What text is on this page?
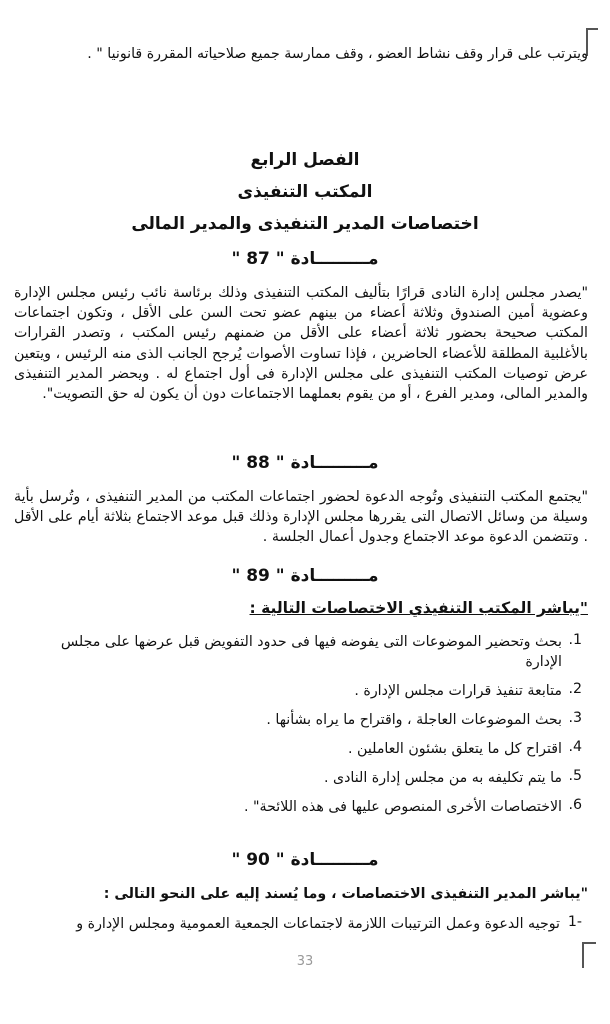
ويترتب على قرار وقف نشاط العضو ، وقف ممارسة جميع صلاحياته المقررة قانونيا " .

الفصل الرابع
المكتب التنفيذى
اختصاصات المدير التنفيذى والمدير المالى
مـــــــــادة " 87 "

"يصدر مجلس إدارة النادى قرارًا بتأليف المكتب التنفيذى وذلك برئاسة نائب رئيس مجلس الإدارة وعضوية أمين الصندوق وثلاثة أعضاء من بينهم عضو تحت السن على الأقل ، وتكون اجتماعات المكتب صحيحة بحضور ثلاثة أعضاء على الأقل من ضمنهم رئيس المكتب ، وتصدر القرارات بالأغلبية المطلقة للأعضاء الحاضرين ، فإذا تساوت الأصوات يُرجح الجانب الذى منه الرئيس ، ويتعين عرض توصيات المكتب التنفيذى على مجلس الإدارة فى أول اجتماع له . ويحضر المدير التنفيذى والمدير المالى، ومدير الفرع ، أو من يقوم بعملهما الاجتماعات دون أن يكون له حق التصويت".

مـــــــــادة " 88 "

"يجتمع المكتب التنفيذى وتُوجه الدعوة لحضور اجتماعات المكتب من المدير التنفيذى ، وتُرسل بأية وسيلة من وسائل الاتصال التى يقررها مجلس الإدارة وذلك قبل موعد الاجتماع بثلاثة أيام على الأقل . وتتضمن الدعوة موعد الاجتماع وجدول أعمال الجلسة .

مـــــــــادة " 89 "

"يباشر المكتب التنفيذي الاختصاصات التالية :

1.
بحث وتحضير الموضوعات التى يفوضه فيها فى حدود التفويض قبل عرضها على مجلس الإدارة
2.
متابعة تنفيذ قرارات مجلس الإدارة .
3.
بحث الموضوعات العاجلة ، واقتراح ما يراه بشأنها .
4.
اقتراح كل ما يتعلق بشئون العاملين .
5.
ما يتم تكليفه به من مجلس إدارة النادى .
6.
الاختصاصات الأخرى المنصوص عليها فى هذه اللائحة" .
مـــــــــادة " 90 "

"يباشر المدير التنفيذى الاختصاصات ، وما يُسند إليه على النحو التالى :

-1
توجيه الدعوة وعمل الترتيبات اللازمة لاجتماعات الجمعية العمومية ومجلس الإدارة و
33
